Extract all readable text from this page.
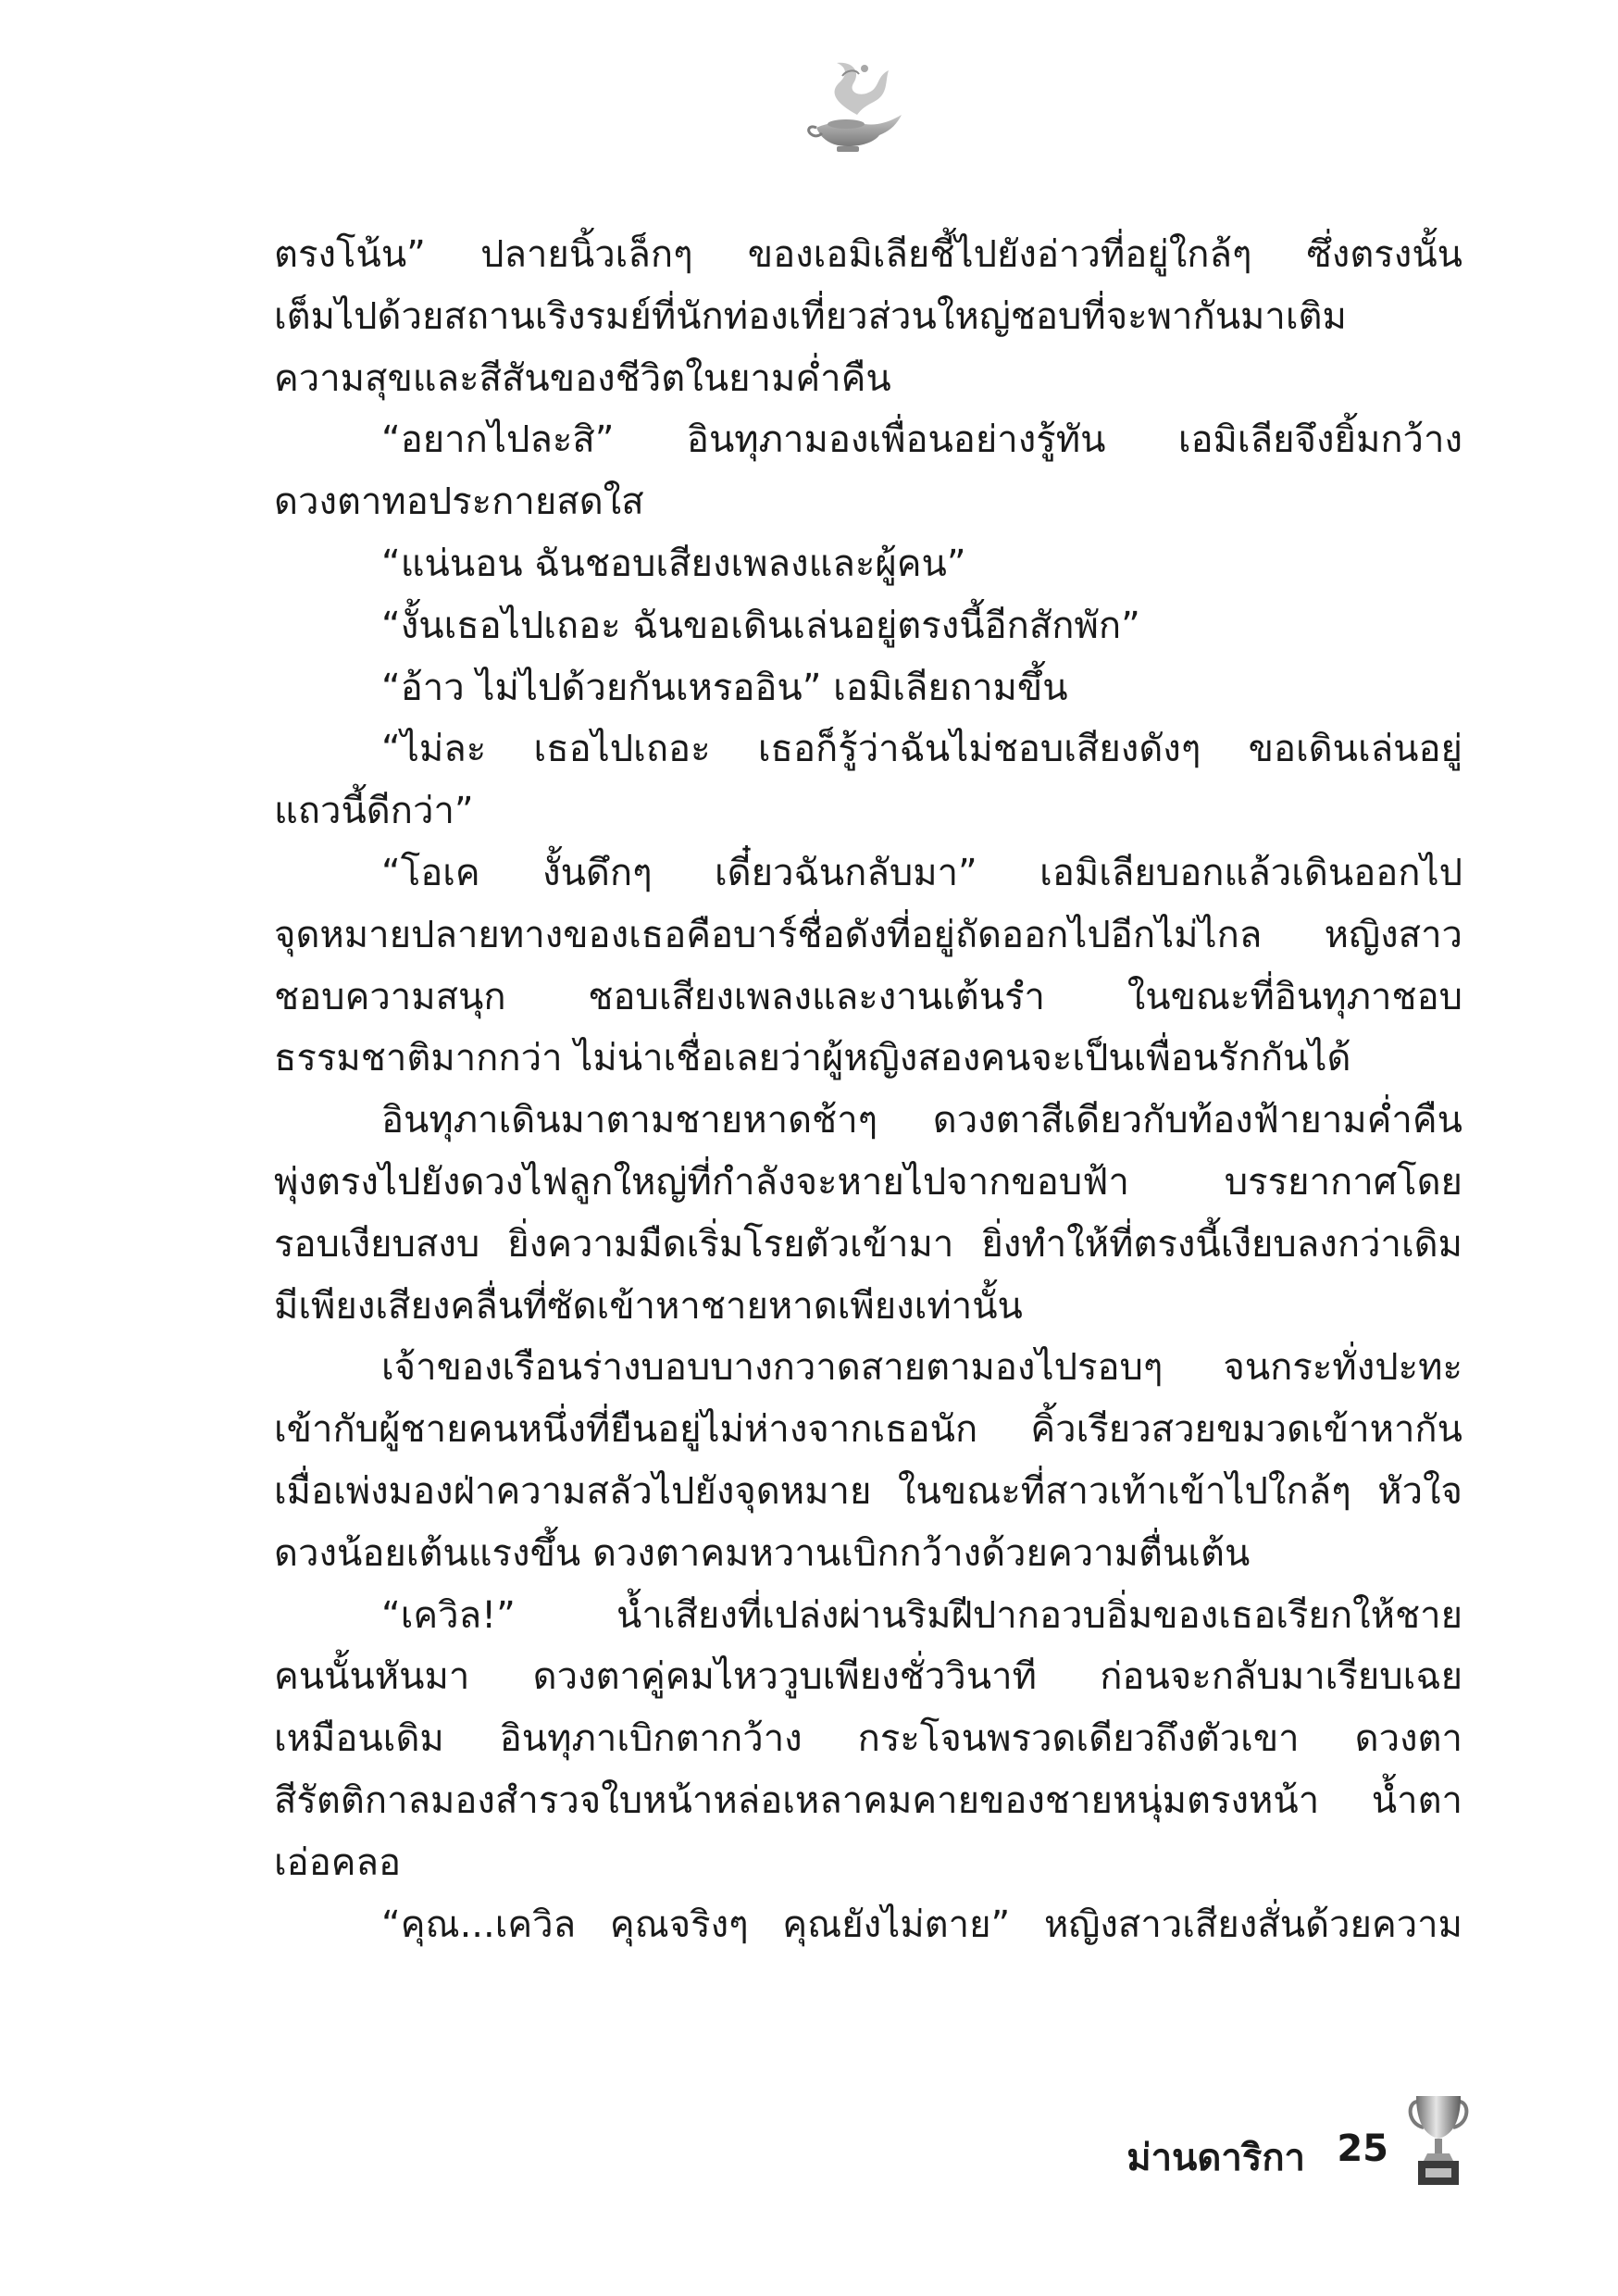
ตรงโน้น” ปลายนิ้วเล็กๆ ของเอมิเลียชี้ไปยังอ่าวที่อยู่ใกล้ๆ ซึ่งตรงนั้น
เต็มไปด้วยสถานเริงรมย์ที่นักท่องเที่ยวส่วนใหญ่ชอบที่จะพากันมาเติม
ความสุขและสีสันของชีวิตในยามค่ำคืน
“อยากไปละสิ” อินทุภามองเพื่อนอย่างรู้ทัน เอมิเลียจึงยิ้มกว้าง
ดวงตาทอประกายสดใส
“แน่นอน ฉันชอบเสียงเพลงและผู้คน”
“งั้นเธอไปเถอะ ฉันขอเดินเล่นอยู่ตรงนี้อีกสักพัก”
“อ้าว ไม่ไปด้วยกันเหรออิน” เอมิเลียถามขึ้น
“ไม่ละ เธอไปเถอะ เธอก็รู้ว่าฉันไม่ชอบเสียงดังๆ ขอเดินเล่นอยู่
แถวนี้ดีกว่า”
“โอเค งั้นดึกๆ เดี๋ยวฉันกลับมา” เอมิเลียบอกแล้วเดินออกไป
จุดหมายปลายทางของเธอคือบาร์ชื่อดังที่อยู่ถัดออกไปอีกไม่ไกล หญิงสาว
ชอบความสนุก ชอบเสียงเพลงและงานเต้นรำ ในขณะที่อินทุภาชอบ
ธรรมชาติมากกว่า ไม่น่าเชื่อเลยว่าผู้หญิงสองคนจะเป็นเพื่อนรักกันได้
อินทุภาเดินมาตามชายหาดช้าๆ ดวงตาสีเดียวกับท้องฟ้ายามค่ำคืน
พุ่งตรงไปยังดวงไฟลูกใหญ่ที่กำลังจะหายไปจากขอบฟ้า บรรยากาศโดย
รอบเงียบสงบ ยิ่งความมืดเริ่มโรยตัวเข้ามา ยิ่งทำให้ที่ตรงนี้เงียบลงกว่าเดิม
มีเพียงเสียงคลื่นที่ซัดเข้าหาชายหาดเพียงเท่านั้น
เจ้าของเรือนร่างบอบบางกวาดสายตามองไปรอบๆ จนกระทั่งปะทะ
เข้ากับผู้ชายคนหนึ่งที่ยืนอยู่ไม่ห่างจากเธอนัก คิ้วเรียวสวยขมวดเข้าหากัน
เมื่อเพ่งมองฝ่าความสลัวไปยังจุดหมาย ในขณะที่สาวเท้าเข้าไปใกล้ๆ หัวใจ
ดวงน้อยเต้นแรงขึ้น ดวงตาคมหวานเบิกกว้างด้วยความตื่นเต้น
“เควิล!” น้ำเสียงที่เปล่งผ่านริมฝีปากอวบอิ่มของเธอเรียกให้ชาย
คนนั้นหันมา ดวงตาคู่คมไหววูบเพียงชั่ววินาที ก่อนจะกลับมาเรียบเฉย
เหมือนเดิม อินทุภาเบิกตากว้าง กระโจนพรวดเดียวถึงตัวเขา ดวงตา
สีรัตติกาลมองสำรวจใบหน้าหล่อเหลาคมคายของชายหนุ่มตรงหน้า น้ำตา
เอ่อคลอ
“คุณ...เควิล คุณจริงๆ คุณยังไม่ตาย” หญิงสาวเสียงสั่นด้วยความ
ม่านดาริกา 25
